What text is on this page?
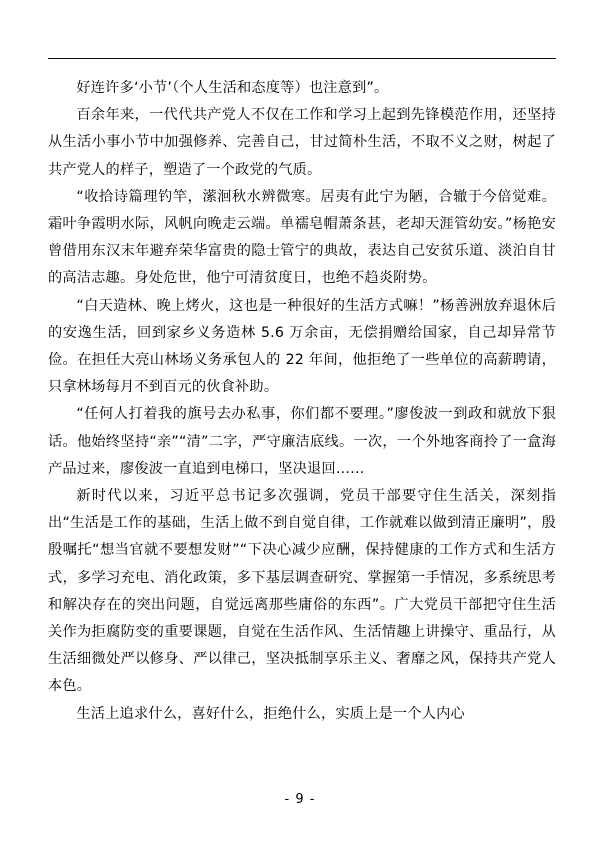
好连许多‘小节’（个人生活和态度等）也注意到”。

百余年来，一代代共产党人不仅在工作和学习上起到先锋模范作用，还坚持从生活小事小节中加强修养、完善自己，甘过简朴生活，不取不义之财，树起了共产党人的样子，塑造了一个政党的气质。

“收拾诗篇理钓竿，潆洄秋水辨微寒。居夷有此宁为陋，合辙于今倍觉难。霜叶争霞明水际，风帆向晚走云端。单襦皂帽萧条甚，老却天涯管幼安。”杨艳安曾借用东汉末年避弃荣华富贵的隐士管宁的典故，表达自己安贫乐道、淡泊自甘的高洁志趣。身处危世，他宁可清贫度日，也绝不趋炎附势。

“白天造林、晚上烤火，这也是一种很好的生活方式嘛！”杨善洲放弃退休后的安逸生活，回到家乡义务造林 5.6 万余亩，无偿捐赠给国家，自己却异常节俭。在担任大亮山林场义务承包人的 22 年间，他拒绝了一些单位的高薪聘请，只拿林场每月不到百元的伙食补助。

“任何人打着我的旗号去办私事，你们都不要理。”廖俊波一到政和就放下狠话。他始终坚持“亲”“清”二字，严守廉洁底线。一次，一个外地客商拎了一盒海产品过来，廖俊波一直追到电梯口，坚决退回……

新时代以来，习近平总书记多次强调，党员干部要守住生活关，深刻指出“生活是工作的基础，生活上做不到自觉自律，工作就难以做到清正廉明”，殷殷嘱托“想当官就不要想发财”“下决心减少应酬，保持健康的工作方式和生活方式，多学习充电、消化政策，多下基层调查研究、掌握第一手情况，多系统思考和解决存在的突出问题，自觉远离那些庸俗的东西”。广大党员干部把守住生活关作为拒腐防变的重要课题，自觉在生活作风、生活情趣上讲操守、重品行，从生活细微处严以修身、严以律己，坚决抵制享乐主义、奢靡之风，保持共产党人本色。

生活上追求什么，喜好什么，拒绝什么，实质上是一个人内心

- 9 -
